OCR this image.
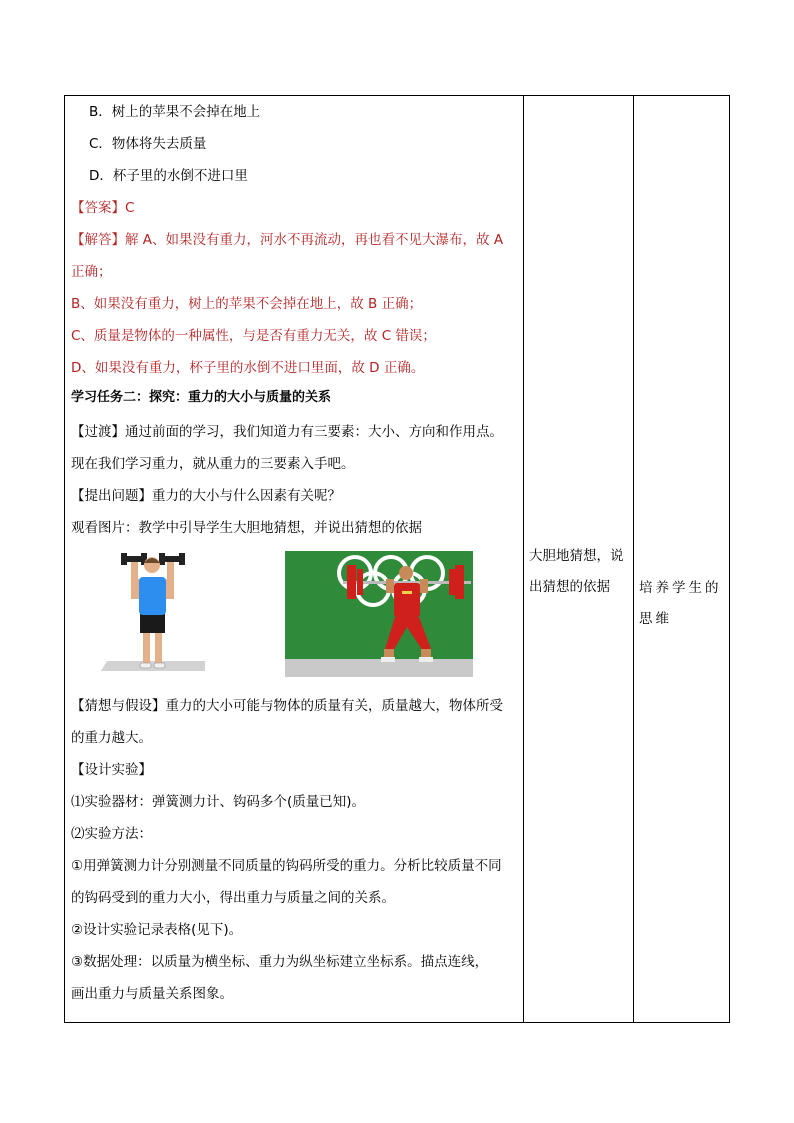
B．树上的苹果不会掉在地上
C．物体将失去质量
D．杯子里的水倒不进口里
【答案】C
【解答】解 A、如果没有重力，河水不再流动，再也看不见大瀑布，故 A
正确；
B、如果没有重力，树上的苹果不会掉在地上，故 B 正确；
C、质量是物体的一种属性，与是否有重力无关，故 C 错误；
D、如果没有重力，杯子里的水倒不进口里面，故 D 正确。
学习任务二：探究：重力的大小与质量的关系
【过渡】通过前面的学习，我们知道力有三要素：大小、方向和作用点。
现在我们学习重力，就从重力的三要素入手吧。
【提出问题】重力的大小与什么因素有关呢？
观看图片：教学中引导学生大胆地猜想，并说出猜想的依据
【猜想与假设】重力的大小可能与物体的质量有关，质量越大，物体所受
的重力越大。
【设计实验】
⑴实验器材：弹簧测力计、钩码多个(质量已知)。
⑵实验方法：
①用弹簧测力计分别测量不同质量的钩码所受的重力。分析比较质量不同
的钩码受到的重力大小，得出重力与质量之间的关系。
②设计实验记录表格(见下)。
③数据处理：以质量为横坐标、重力为纵坐标建立坐标系。描点连线，
画出重力与质量关系图象。
大胆地猜想，说
出猜想的依据	培养学生的
思维
